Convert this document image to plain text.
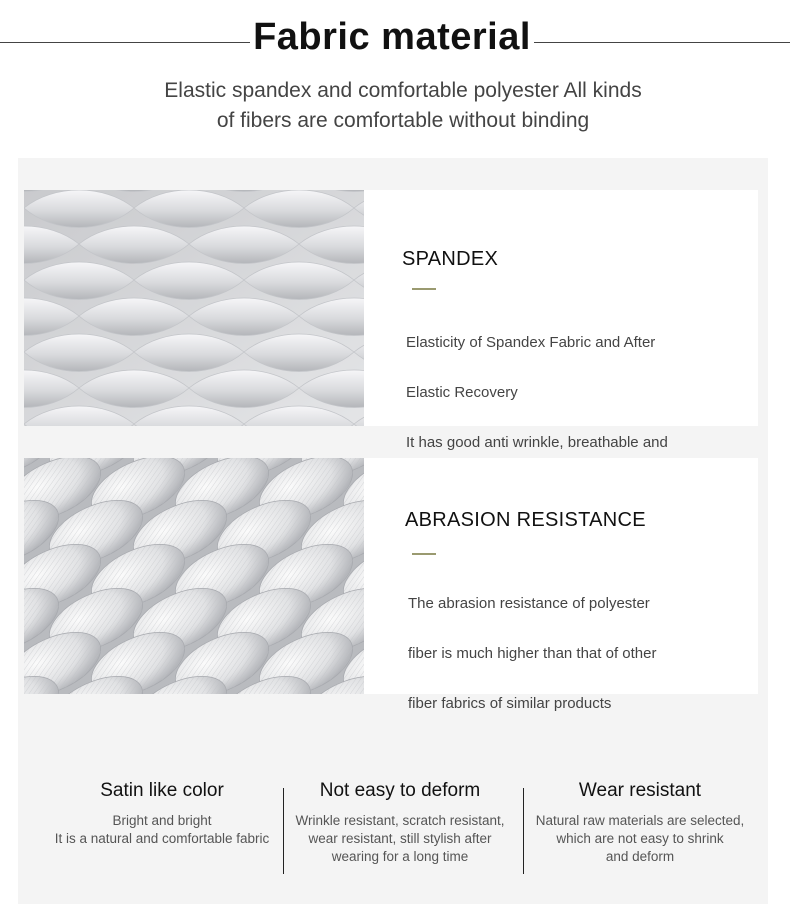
Fabric material
Elastic spandex and comfortable polyester All kinds
of fibers are comfortable without binding
SPANDEX

Elasticity of Spandex Fabric and After

Elastic Recovery

It has good anti wrinkle, breathable and

ABRASION RESISTANCE

The abrasion resistance of polyester

fiber is much higher than that of other

fiber fabrics of similar products

Satin like color
Bright and bright
It is a natural and comfortable fabric
Not easy to deform
Wrinkle resistant, scratch resistant,
wear resistant, still stylish after
wearing for a long time
Wear resistant
Natural raw materials are selected,
which are not easy to shrink
and deform
